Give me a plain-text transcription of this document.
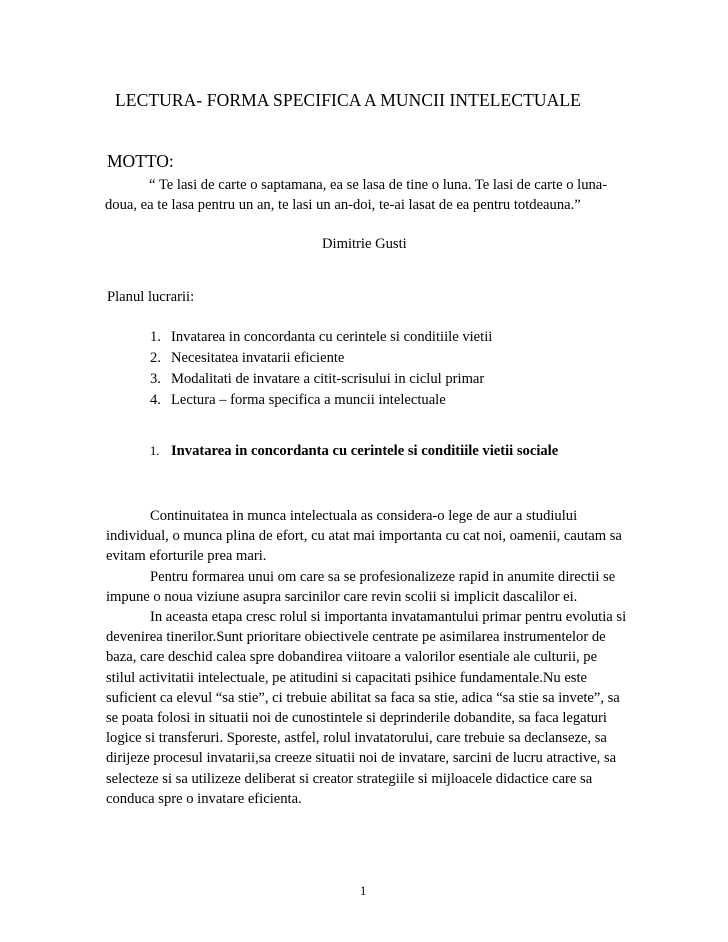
LECTURA- FORMA SPECIFICA A MUNCII INTELECTUALE
MOTTO:
“ Te lasi de carte o saptamana, ea se lasa de tine o luna. Te lasi de carte o luna-doua, ea te lasa pentru un an, te lasi un an-doi, te-ai lasat de ea pentru totdeauna.”
Dimitrie Gusti
Planul lucrarii:
1. Invatarea in concordanta cu cerintele si conditiile vietii
2. Necesitatea invatarii eficiente
3. Modalitati de invatare a citit-scrisului in ciclul primar
4. Lectura – forma specifica a muncii intelectuale
1. Invatarea in concordanta cu cerintele si conditiile vietii sociale

Continuitatea in munca intelectuala as considera-o lege de aur a studiului individual, o munca plina de efort, cu atat mai importanta cu cat noi, oamenii, cautam sa evitam eforturile prea mari.

Pentru formarea unui om care sa se profesionalizeze rapid in anumite directii se impune o noua viziune asupra sarcinilor care revin scolii si implicit dascalilor ei.

In aceasta etapa cresc rolul si importanta invatamantului primar pentru evolutia si devenirea tinerilor.Sunt prioritare obiectivele centrate pe asimilarea instrumentelor de baza, care deschid calea spre dobandirea viitoare a valorilor esentiale ale culturii, pe stilul activitatii intelectuale, pe atitudini si capacitati psihice fundamentale.Nu este suficient ca elevul “sa stie”, ci trebuie abilitat sa faca sa stie, adica “sa stie sa invete”, sa se poata folosi in situatii noi de cunostintele si deprinderile dobandite, sa faca legaturi logice si transferuri. Sporeste, astfel, rolul invatatorului, care trebuie sa declanseze, sa dirijeze procesul invatarii,sa creeze situatii noi de invatare, sarcini de lucru atractive, sa selecteze si sa utilizeze deliberat si creator strategiile si mijloacele didactice care sa conduca spre o invatare eficienta.

1
